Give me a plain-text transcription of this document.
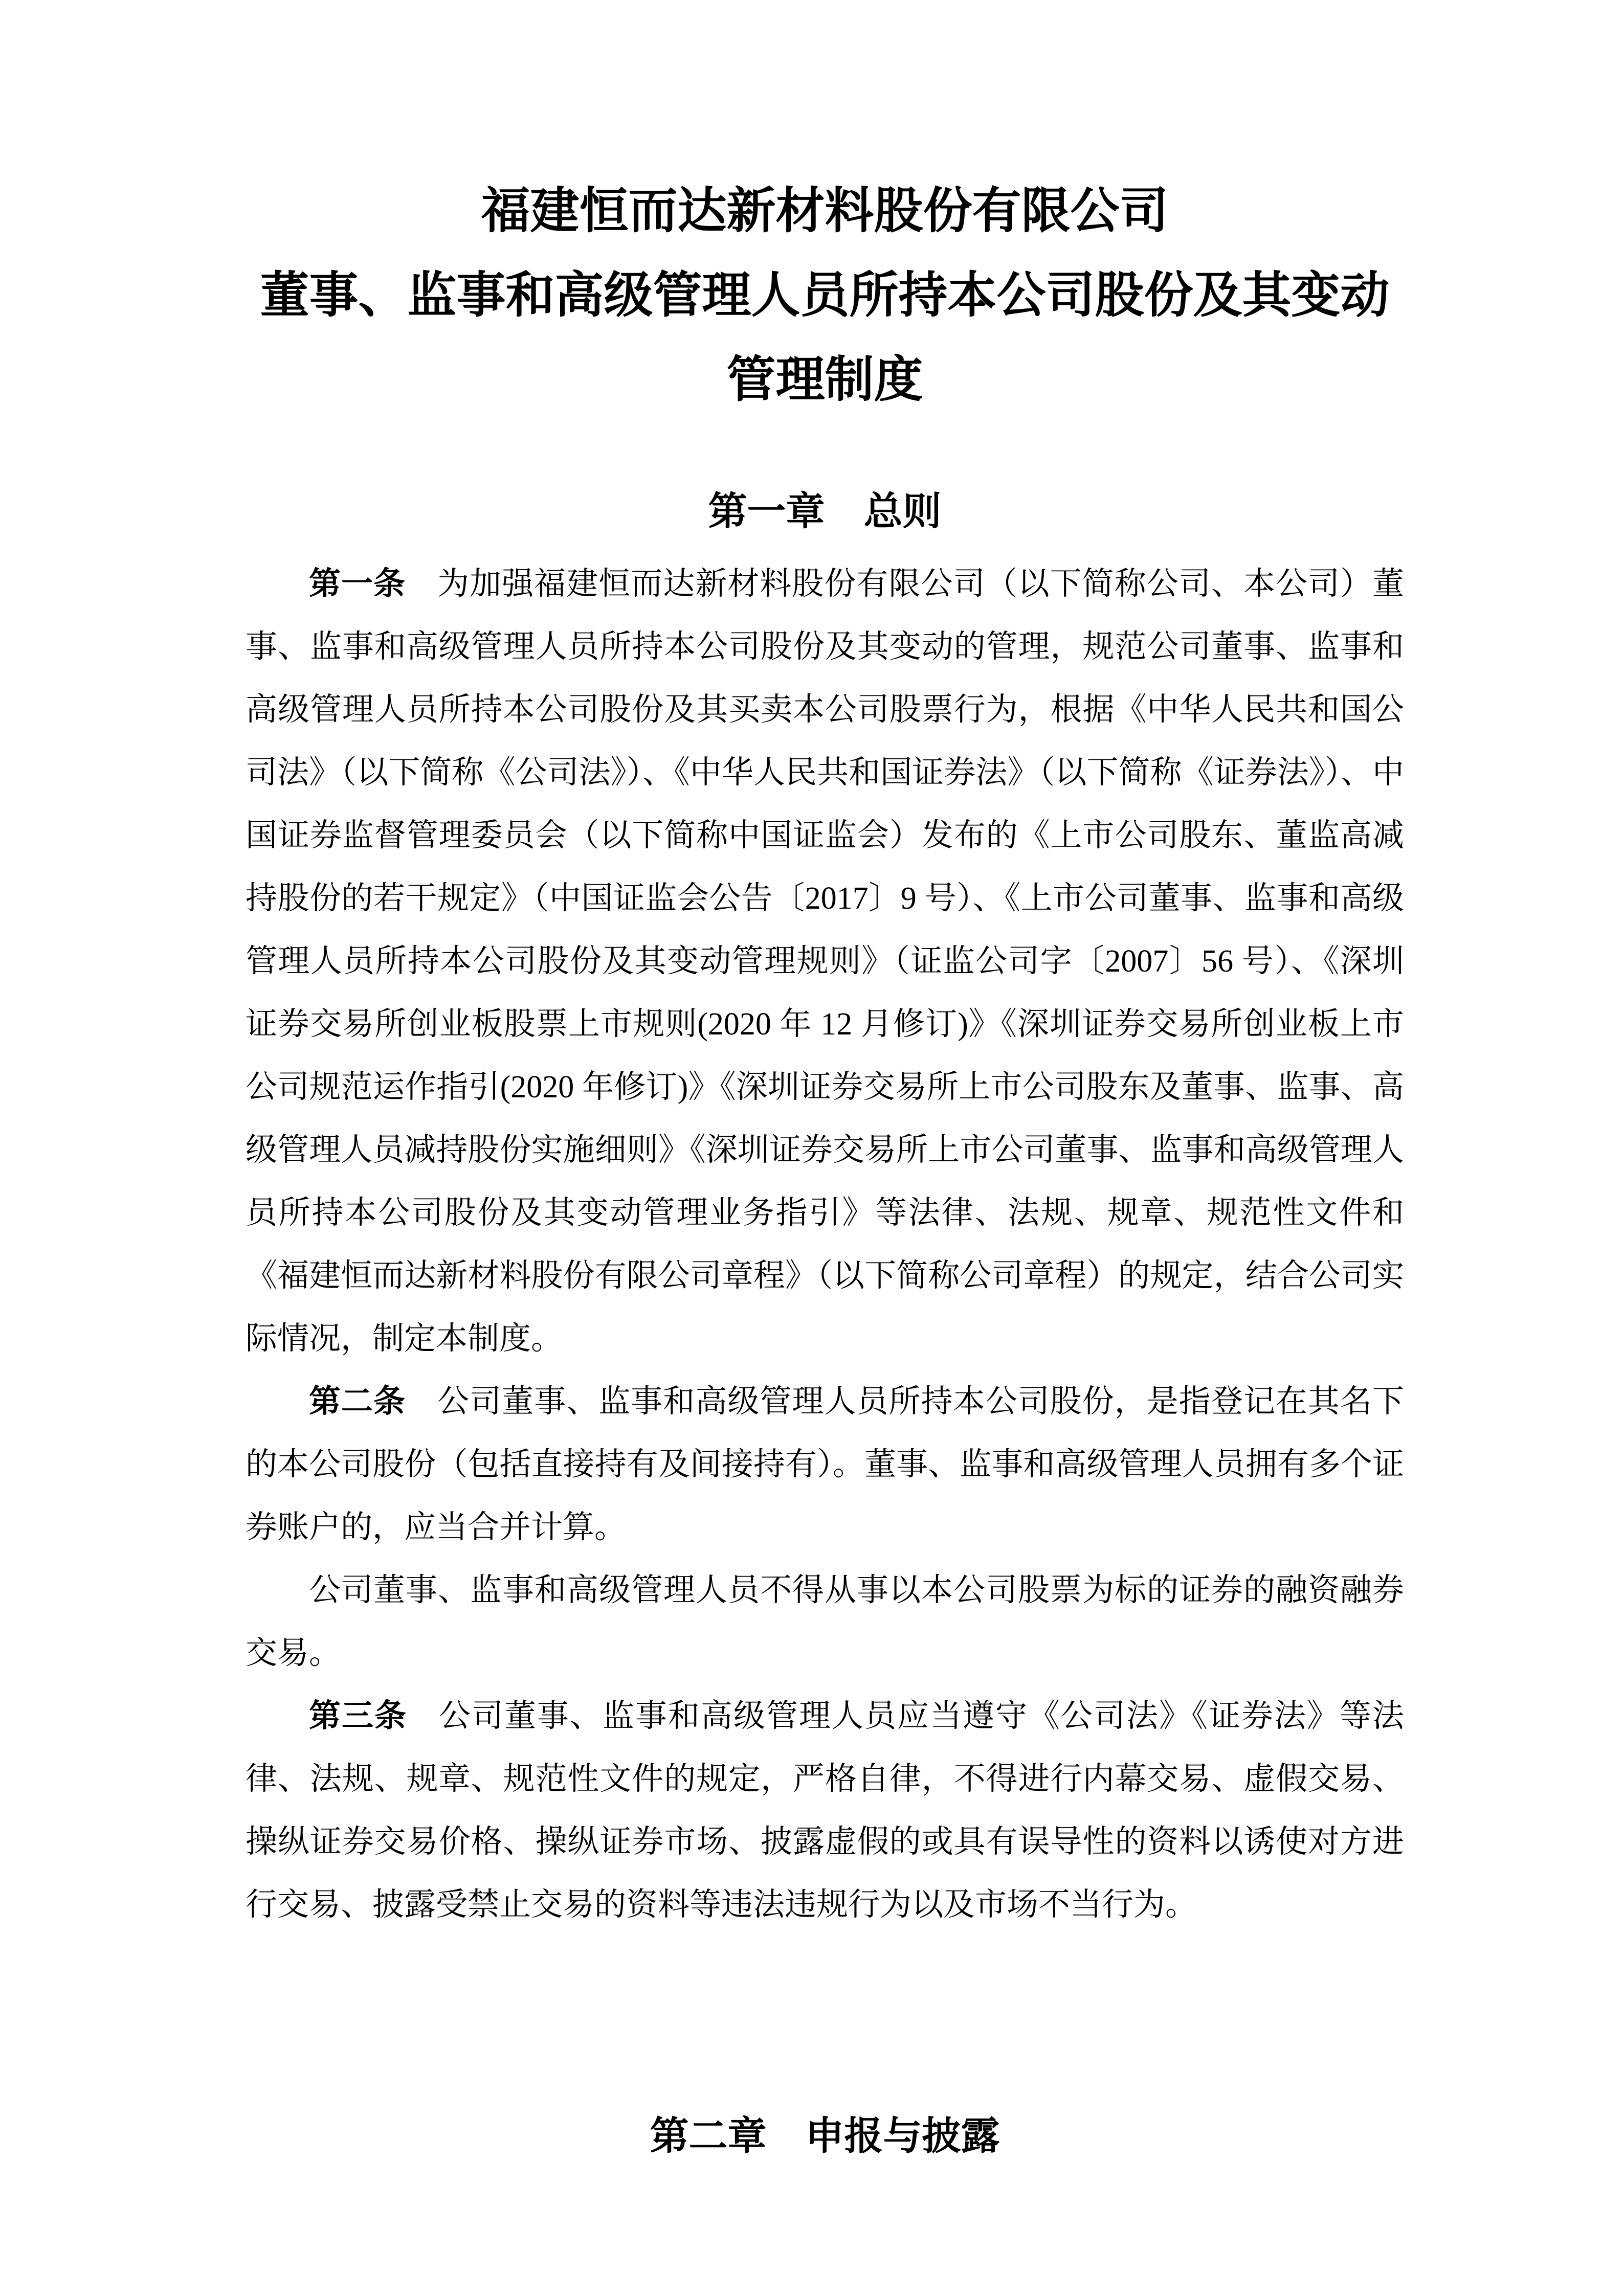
福建恒而达新材料股份有限公司
董事、监事和高级管理人员所持本公司股份及其变动
管理制度
第一章　总则

第一条 为加强福建恒而达新材料股份有限公司（以下简称公司、本公司）董事、监事和高级管理人员所持本公司股份及其变动的管理，规范公司董事、监事和高级管理人员所持本公司股份及其买卖本公司股票行为，根据《中华人民共和国公司法》（以下简称《公司法》）、《中华人民共和国证券法》（以下简称《证券法》）、中国证券监督管理委员会（以下简称中国证监会）发布的《上市公司股东、董监高减持股份的若干规定》（中国证监会公告〔2017〕9 号）、《上市公司董事、监事和高级管理人员所持本公司股份及其变动管理规则》（证监公司字〔2007〕56 号）、《深圳证券交易所创业板股票上市规则(2020 年 12 月修订)》《深圳证券交易所创业板上市公司规范运作指引(2020 年修订)》《深圳证券交易所上市公司股东及董事、监事、高级管理人员减持股份实施细则》《深圳证券交易所上市公司董事、监事和高级管理人员所持本公司股份及其变动管理业务指引》等法律、法规、规章、规范性文件和《福建恒而达新材料股份有限公司章程》（以下简称公司章程）的规定，结合公司实际情况，制定本制度。

第二条 公司董事、监事和高级管理人员所持本公司股份，是指登记在其名下的本公司股份（包括直接持有及间接持有）。董事、监事和高级管理人员拥有多个证券账户的，应当合并计算。

公司董事、监事和高级管理人员不得从事以本公司股票为标的证券的融资融券交易。

第三条 公司董事、监事和高级管理人员应当遵守《公司法》《证券法》等法律、法规、规章、规范性文件的规定，严格自律，不得进行内幕交易、虚假交易、操纵证券交易价格、操纵证券市场、披露虚假的或具有误导性的资料以诱使对方进行交易、披露受禁止交易的资料等违法违规行为以及市场不当行为。

第二章　申报与披露
